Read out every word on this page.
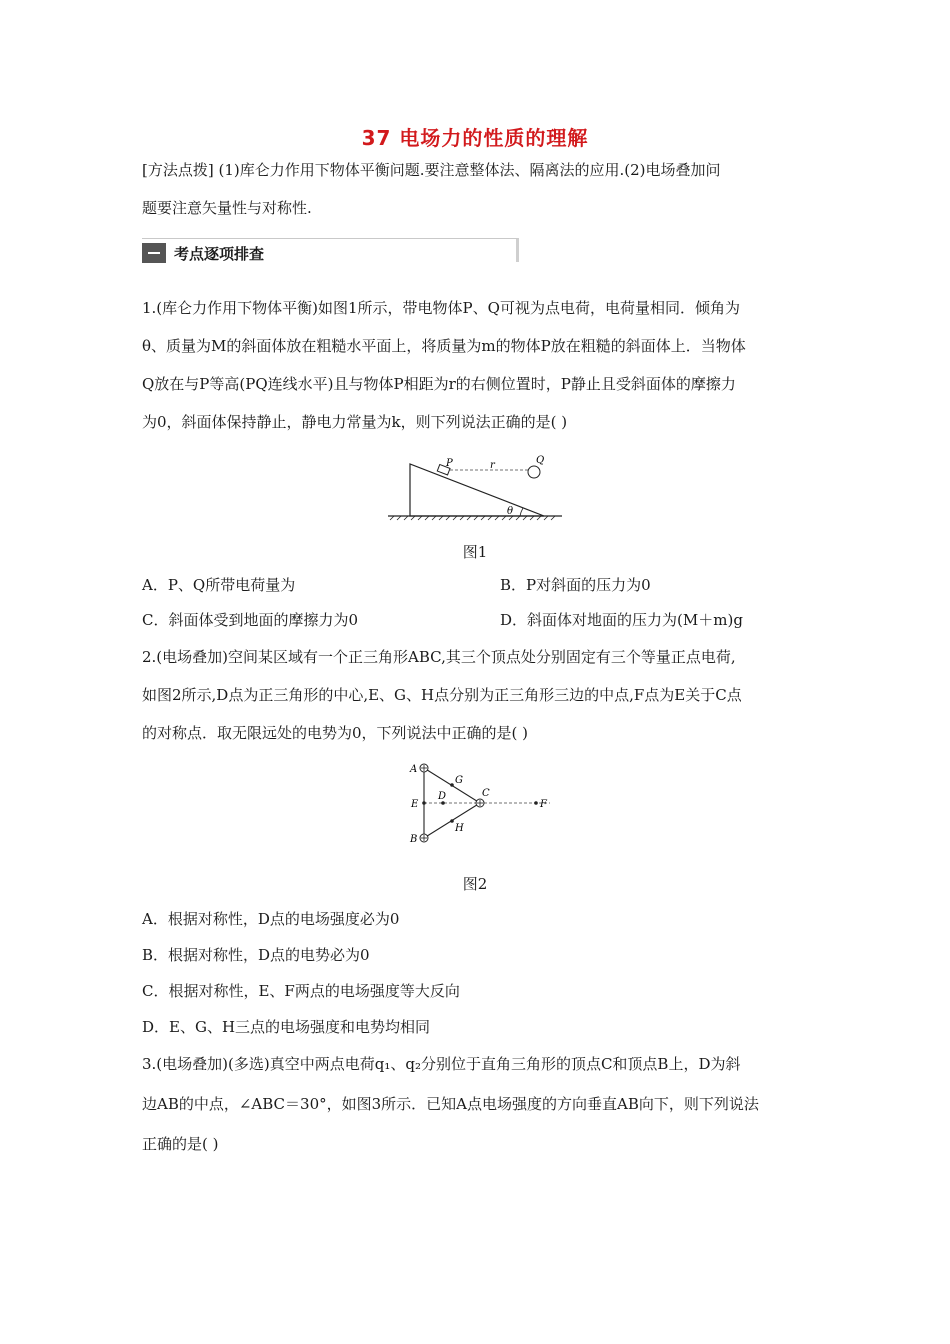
37 电场力的性质的理解
[方法点拨] (1)库仑力作用下物体平衡问题.要注意整体法、隔离法的应用.(2)电场叠加问
题要注意矢量性与对称性.
考点逐项排查
1.(库仑力作用下物体平衡)如图1所示，带电物体P、Q可视为点电荷，电荷量相同．倾角为
θ、质量为M的斜面体放在粗糙水平面上，将质量为m的物体P放在粗糙的斜面体上．当物体
Q放在与P等高(PQ连线水平)且与物体P相距为r的右侧位置时，P静止且受斜面体的摩擦力
为0，斜面体保持静止，静电力常量为k，则下列说法正确的是( )
P	r	Q
θ
图1
A．P、Q所带电荷量为	B．P对斜面的压力为0
C．斜面体受到地面的摩擦力为0	D．斜面体对地面的压力为(M＋m)g
2.(电场叠加)空间某区域有一个正三角形ABC,其三个顶点处分别固定有三个等量正点电荷,
如图2所示,D点为正三角形的中心,E、G、H点分别为正三角形三边的中点,F点为E关于C点
的对称点．取无限远处的电势为0，下列说法中正确的是( )
A
B
C
D
E	F
G
H
图2
A．根据对称性，D点的电场强度必为0
B．根据对称性，D点的电势必为0
C．根据对称性，E、F两点的电场强度等大反向
D．E、G、H三点的电场强度和电势均相同
3.(电场叠加)(多选)真空中两点电荷q₁、q₂分别位于直角三角形的顶点C和顶点B上，D为斜
边AB的中点，∠ABC＝30°，如图3所示．已知A点电场强度的方向垂直AB向下，则下列说法
正确的是( )
